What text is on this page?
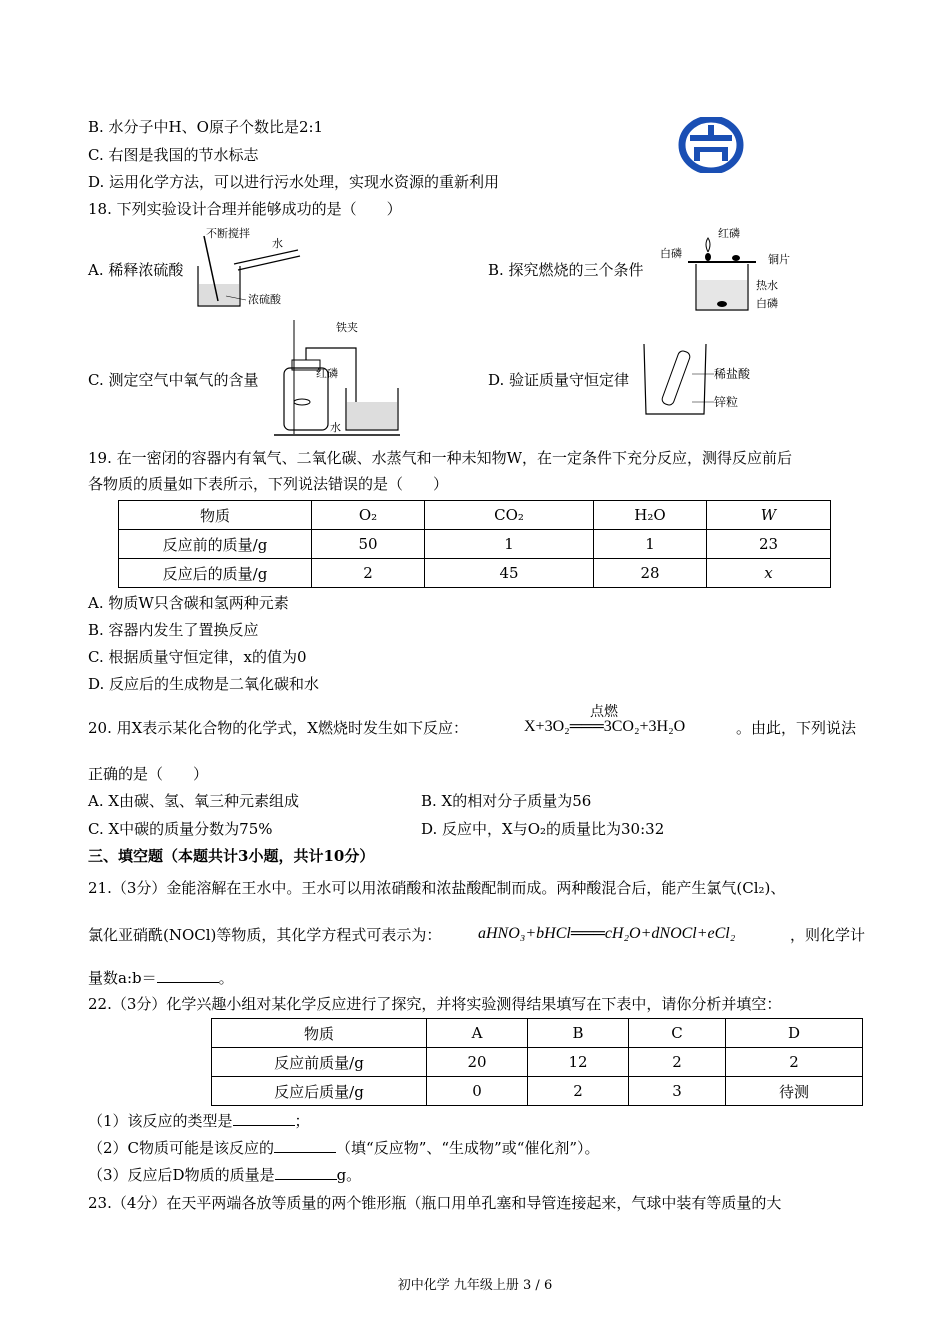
B. 水分子中H、O原子个数比是2:1
C. 右图是我国的节水标志
D. 运用化学方法，可以进行污水处理，实现水资源的重新利用
18. 下列实验设计合理并能够成功的是（　　）
A. 稀释浓硫酸	B. 探究燃烧的三个条件
不断搅拌
水
浓硫酸
红磷
白磷	铜片
热水
白磷
C. 测定空气中氧气的含量	D. 验证质量守恒定律
铁夹
红磷
水
稀盐酸
锌粒
19. 在一密闭的容器内有氧气、二氧化碳、水蒸气和一种未知物W，在一定条件下充分反应，测得反应前后
各物质的质量如下表所示，下列说法错误的是（　　）
物质	O₂	CO₂	H₂O	W
反应前的质量/g	50	1	1	23
反应后的质量/g	2	45	28	x
A. 物质W只含碳和氢两种元素
B. 容器内发生了置换反应
C. 根据质量守恒定律，x的值为0
D. 反应后的生成物是二氧化碳和水
20. 用X表示某化合物的化学式，X燃烧时发生如下反应：
点燃
X+3O₂═══3CO₂+3H₂O	。由此，下列说法
正确的是（　　）
A. X由碳、氢、氧三种元素组成	B. X的相对分子质量为56
C. X中碳的质量分数为75%	D. 反应中，X与O₂的质量比为30:32
三、填空题（本题共计3小题，共计10分）
21.（3分）金能溶解在王水中。王水可以用浓硝酸和浓盐酸配制而成。两种酸混合后，能产生氯气(Cl₂)、
氯化亚硝酰(NOCl)等物质，其化学方程式可表示为： aHNO₃+bHCl═══cH₂O+dNOCl+eCl₂	，则化学计
量数a:b＝	。
22.（3分）化学兴趣小组对某化学反应进行了探究，并将实验测得结果填写在下表中，请你分析并填空：
物质	A	B	C	D
反应前质量/g	20	12	2	2
反应后质量/g	0	2	3	待测
（1）该反应的类型是	；
（2）C物质可能是该反应的	（填“反应物”、“生成物”或“催化剂”）。
（3）反应后D物质的质量是	g。
23.（4分）在天平两端各放等质量的两个锥形瓶（瓶口用单孔塞和导管连接起来，气球中装有等质量的大
初中化学 九年级上册 3 / 6
